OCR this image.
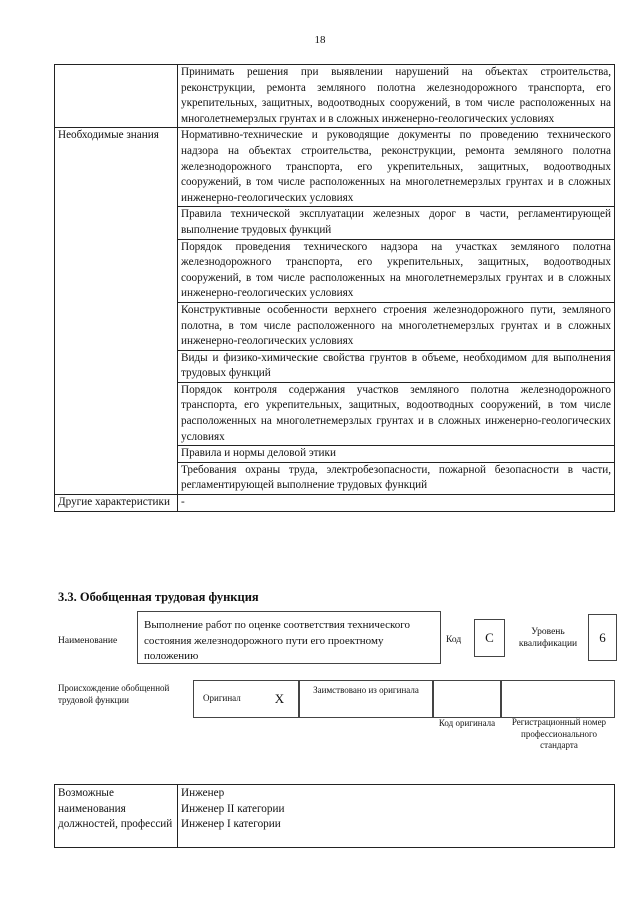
18
	Принимать решения при выявлении нарушений на объектах строительства, реконструкции, ремонта земляного полотна железнодорожного транспорта, его укрепительных, защитных, водоотводных сооружений, в том числе расположенных на многолетнемерзлых грунтах и в сложных инженерно-геологических условиях
Необходимые знания	Нормативно-технические и руководящие документы по проведению технического надзора на объектах строительства, реконструкции, ремонта земляного полотна железнодорожного транспорта, его укрепительных, защитных, водоотводных сооружений, в том числе расположенных на многолетнемерзлых грунтах и в сложных инженерно-геологических условиях
	Правила технической эксплуатации железных дорог в части, регламентирующей выполнение трудовых функций
	Порядок проведения технического надзора на участках земляного полотна железнодорожного транспорта, его укрепительных, защитных, водоотводных сооружений, в том числе расположенных на многолетнемерзлых грунтах и в сложных инженерно-геологических условиях
	Конструктивные особенности верхнего строения железнодорожного пути, земляного полотна, в том числе расположенного на многолетнемерзлых грунтах и в сложных инженерно-геологических условиях
	Виды и физико-химические свойства грунтов в объеме, необходимом для выполнения трудовых функций
	Порядок контроля содержания участков земляного полотна железнодорожного транспорта, его укрепительных, защитных, водоотводных сооружений, в том числе расположенных на многолетнемерзлых грунтах и в сложных инженерно-геологических условиях
	Правила и нормы деловой этики
	Требования охраны труда, электробезопасности, пожарной безопасности в части, регламентирующей выполнение трудовых функций
Другие характеристики	-
3.3. Обобщенная трудовая функция
Наименование
Выполнение работ по оценке соответствия технического состояния железнодорожного пути его проектному положению
Код	C	Уровень квалификации	6
Происхождение обобщенной трудовой функции	Оригинал	X
Заимствовано из оригинала
Код оригинала	Регистрационный номер профессионального стандарта
Возможные наименования должностей, профессий	
Инженер
Инженер II категории
Инженер I категории
